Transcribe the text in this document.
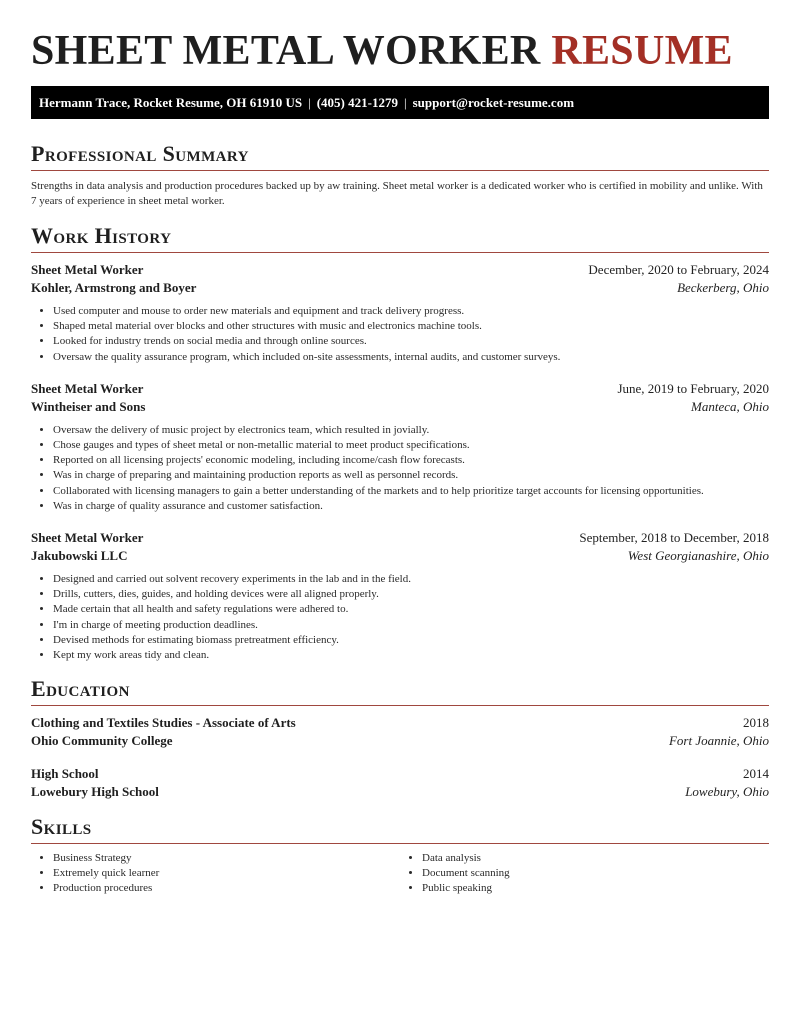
SHEET METAL WORKER RESUME
Hermann Trace, Rocket Resume, OH 61910 US | (405) 421-1279 | support@rocket-resume.com
Professional Summary

Strengths in data analysis and production procedures backed up by aw training. Sheet metal worker is a dedicated worker who is certified in mobility and unlike. With 7 years of experience in sheet metal worker.

Work History
Sheet Metal Worker	December, 2020 to February, 2024
Kohler, Armstrong and Boyer	Beckerberg, Ohio
• Used computer and mouse to order new materials and equipment and track delivery progress.
• Shaped metal material over blocks and other structures with music and electronics machine tools.
• Looked for industry trends on social media and through online sources.
• Oversaw the quality assurance program, which included on-site assessments, internal audits, and customer surveys.
Sheet Metal Worker	June, 2019 to February, 2020
Wintheiser and Sons	Manteca, Ohio
• Oversaw the delivery of music project by electronics team, which resulted in jovially.
• Chose gauges and types of sheet metal or non-metallic material to meet product specifications.
• Reported on all licensing projects' economic modeling, including income/cash flow forecasts.
• Was in charge of preparing and maintaining production reports as well as personnel records.
• Collaborated with licensing managers to gain a better understanding of the markets and to help prioritize target accounts for licensing opportunities.
• Was in charge of quality assurance and customer satisfaction.
Sheet Metal Worker	September, 2018 to December, 2018
Jakubowski LLC	West Georgianashire, Ohio
• Designed and carried out solvent recovery experiments in the lab and in the field.
• Drills, cutters, dies, guides, and holding devices were all aligned properly.
• Made certain that all health and safety regulations were adhered to.
• I'm in charge of meeting production deadlines.
• Devised methods for estimating biomass pretreatment efficiency.
• Kept my work areas tidy and clean.
Education
Clothing and Textiles Studies - Associate of Arts	2018
Ohio Community College	Fort Joannie, Ohio
High School	2014
Lowebury High School	Lowebury, Ohio
Skills
• Business Strategy
• Extremely quick learner
• Production procedures
• Data analysis
• Document scanning
• Public speaking
